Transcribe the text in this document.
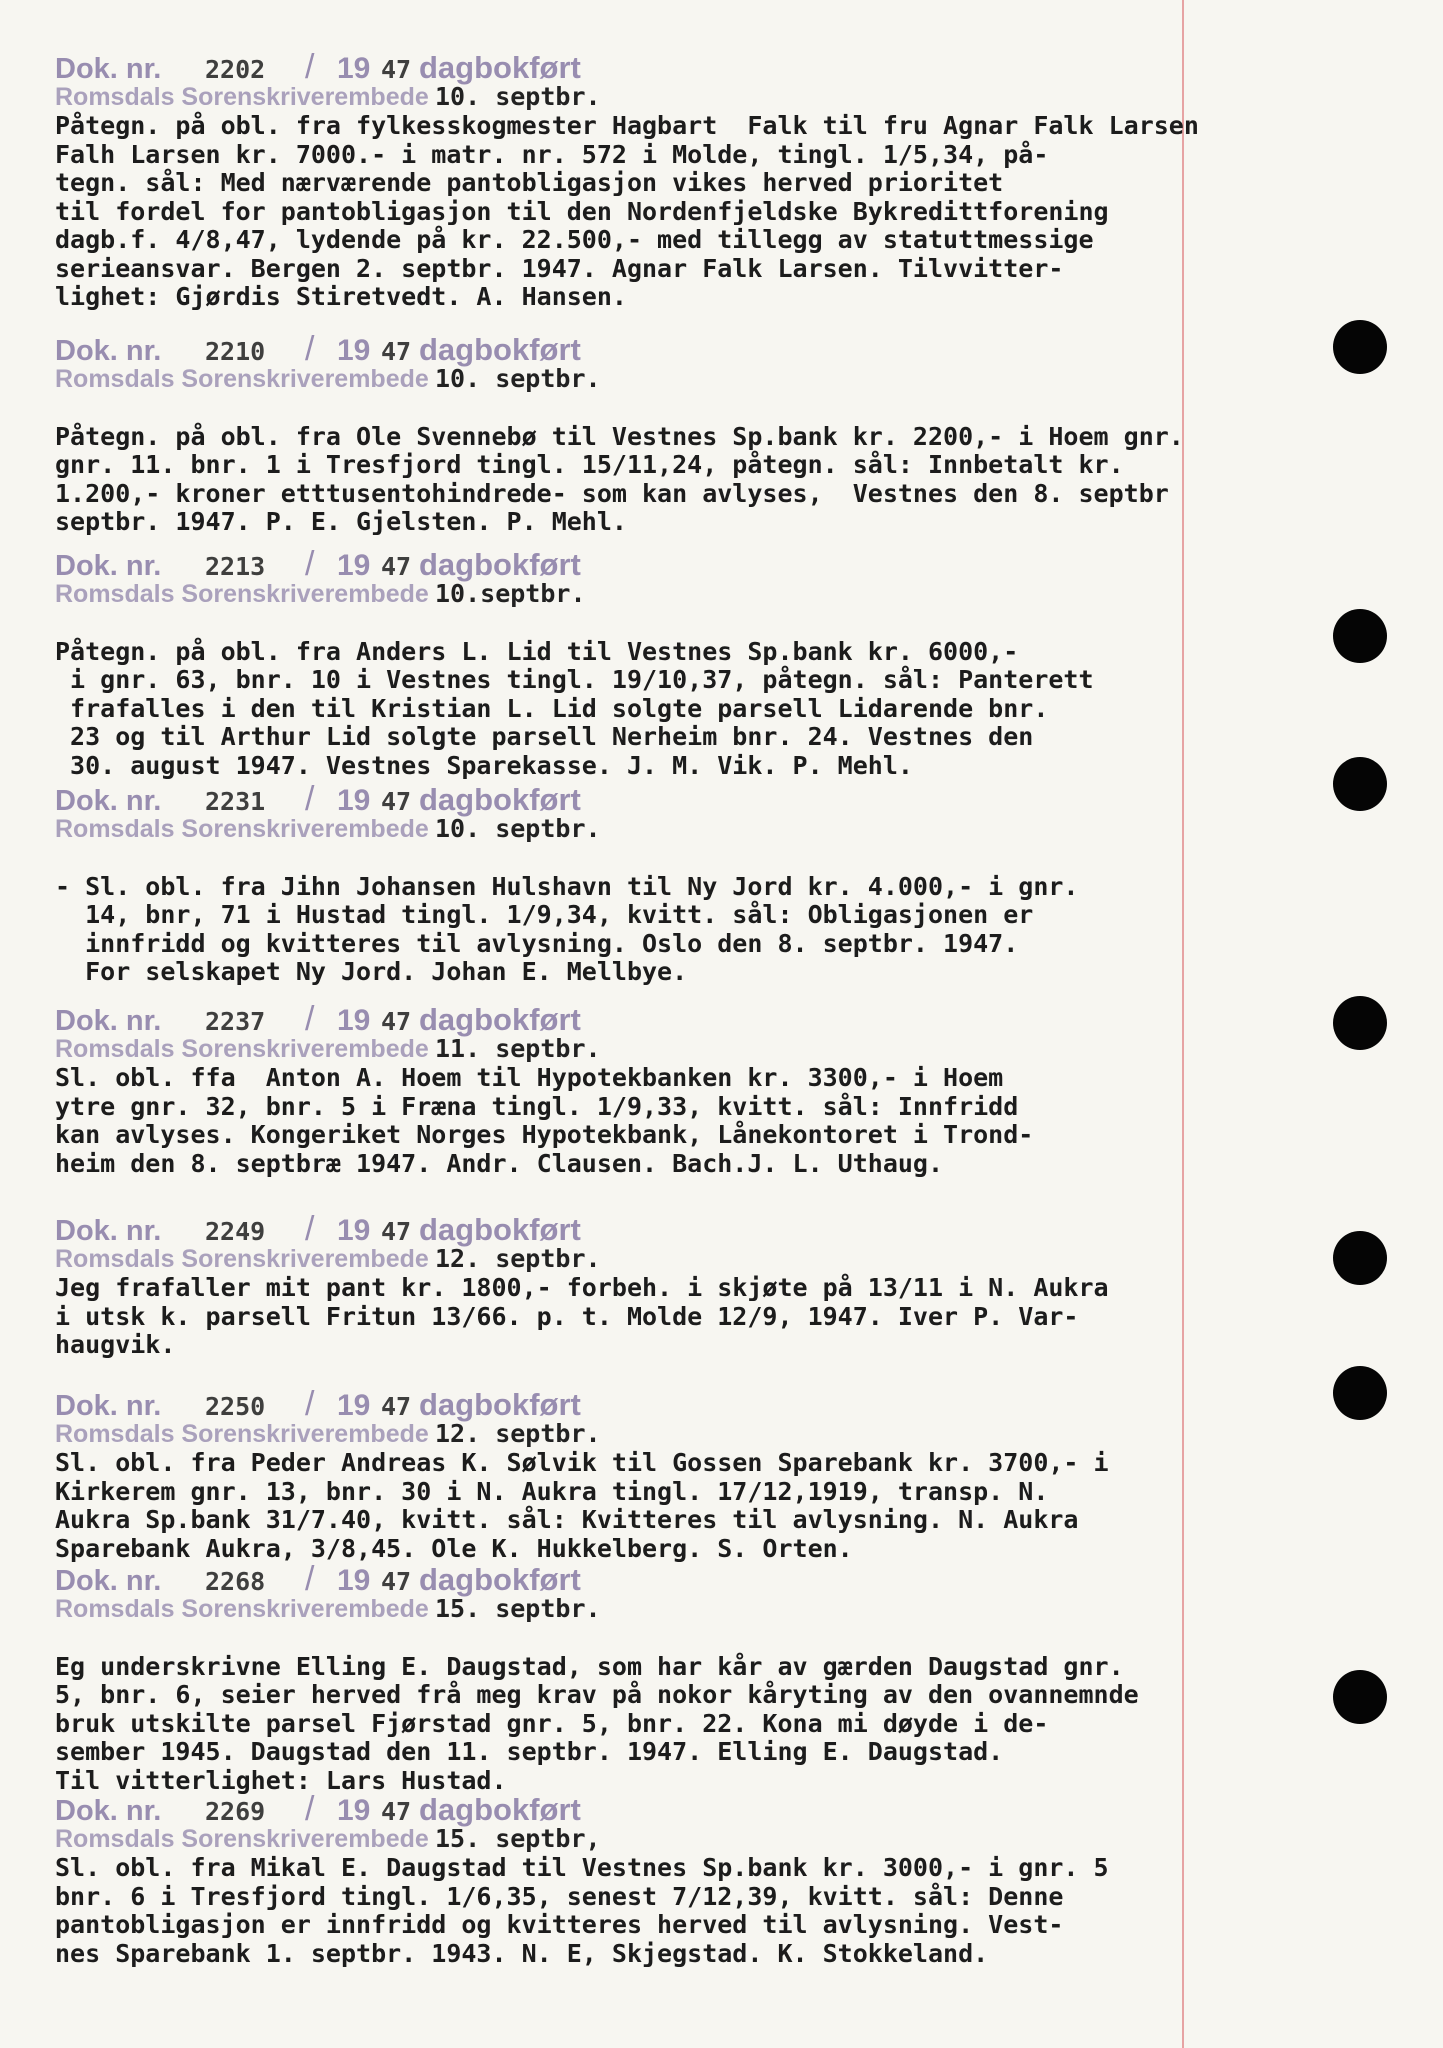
Dok. nr.	2202	/ 19 47 dagbokført
Romsdals Sorenskriverembede 10. septbr.
Påtegn. på obl. fra fylkesskogmester Hagbart  Falk til fru Agnar Falk Larsen
Falh Larsen kr. 7000.- i matr. nr. 572 i Molde, tingl. 1/5,34, på-
tegn. sål: Med nærværende pantobligasjon vikes herved prioritet
til fordel for pantobligasjon til den Nordenfjeldske Bykredittforening
dagb.f. 4/8,47, lydende på kr. 22.500,- med tillegg av statuttmessige
serieansvar. Bergen 2. septbr. 1947. Agnar Falk Larsen. Tilvvitter-
lighet: Gjørdis Stiretvedt. A. Hansen.
Dok. nr.	2210	/ 19 47 dagbokført
Romsdals Sorenskriverembede 10. septbr.

Påtegn. på obl. fra Ole Svennebø til Vestnes Sp.bank kr. 2200,- i Hoem gnr.
gnr. 11. bnr. 1 i Tresfjord tingl. 15/11,24, påtegn. sål: Innbetalt kr.
1.200,- kroner etttusentohindrede- som kan avlyses,  Vestnes den 8. septbr
septbr. 1947. P. E. Gjelsten. P. Mehl.
Dok. nr.	2213	/ 19 47 dagbokført
Romsdals Sorenskriverembede 10.septbr.

Påtegn. på obl. fra Anders L. Lid til Vestnes Sp.bank kr. 6000,-
i gnr. 63, bnr. 10 i Vestnes tingl. 19/10,37, påtegn. sål: Panterett
frafalles i den til Kristian L. Lid solgte parsell Lidarende bnr.
23 og til Arthur Lid solgte parsell Nerheim bnr. 24. Vestnes den
30. august 1947. Vestnes Sparekasse. J. M. Vik. P. Mehl.
Dok. nr.	2231	/ 19 47 dagbokført
Romsdals Sorenskriverembede 10. septbr.

- Sl. obl. fra Jihn Johansen Hulshavn til Ny Jord kr. 4.000,- i gnr.
14, bnr, 71 i Hustad tingl. 1/9,34, kvitt. sål: Obligasjonen er
innfridd og kvitteres til avlysning. Oslo den 8. septbr. 1947.
For selskapet Ny Jord. Johan E. Mellbye.
Dok. nr.	2237	/ 19 47 dagbokført
Romsdals Sorenskriverembede 11. septbr.
Sl. obl. ffa  Anton A. Hoem til Hypotekbanken kr. 3300,- i Hoem
ytre gnr. 32, bnr. 5 i Fræna tingl. 1/9,33, kvitt. sål: Innfridd
kan avlyses. Kongeriket Norges Hypotekbank, Lånekontoret i Trond-
heim den 8. septbræ 1947. Andr. Clausen. Bach.J. L. Uthaug.
Dok. nr.	2249	/ 19 47 dagbokført
Romsdals Sorenskriverembede 12. septbr.
Jeg frafaller mit pant kr. 1800,- forbeh. i skjøte på 13/11 i N. Aukra
i utsk k. parsell Fritun 13/66. p. t. Molde 12/9, 1947. Iver P. Var-
haugvik.
Dok. nr.	2250	/ 19 47 dagbokført
Romsdals Sorenskriverembede 12. septbr.
Sl. obl. fra Peder Andreas K. Sølvik til Gossen Sparebank kr. 3700,- i
Kirkerem gnr. 13, bnr. 30 i N. Aukra tingl. 17/12,1919, transp. N.
Aukra Sp.bank 31/7.40, kvitt. sål: Kvitteres til avlysning. N. Aukra
Sparebank Aukra, 3/8,45. Ole K. Hukkelberg. S. Orten.
Dok. nr.	2268	/ 19 47 dagbokført
Romsdals Sorenskriverembede 15. septbr.

Eg underskrivne Elling E. Daugstad, som har kår av gærden Daugstad gnr.
5, bnr. 6, seier herved frå meg krav på nokor kåryting av den ovannemnde
bruk utskilte parsel Fjørstad gnr. 5, bnr. 22. Kona mi døyde i de-
sember 1945. Daugstad den 11. septbr. 1947. Elling E. Daugstad.
Til vitterlighet: Lars Hustad.
Dok. nr.	2269	/ 19 47 dagbokført
Romsdals Sorenskriverembede 15. septbr,
Sl. obl. fra Mikal E. Daugstad til Vestnes Sp.bank kr. 3000,- i gnr. 5
bnr. 6 i Tresfjord tingl. 1/6,35, senest 7/12,39, kvitt. sål: Denne
pantobligasjon er innfridd og kvitteres herved til avlysning. Vest-
nes Sparebank 1. septbr. 1943. N. E, Skjegstad. K. Stokkeland.
